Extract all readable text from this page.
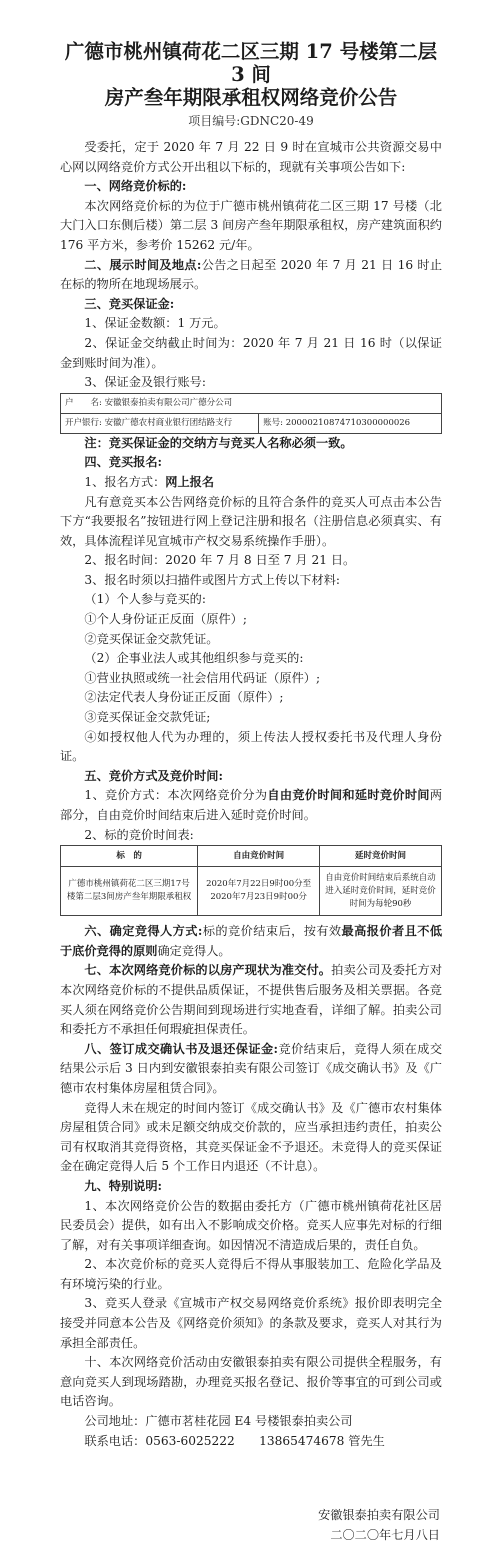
广德市桃州镇荷花二区三期 17 号楼第二层 3 间
房产叁年期限承租权网络竞价公告
项目编号:GDNC20-49

受委托，定于 2020 年 7 月 22 日 9 时在宣城市公共资源交易中心网以网络竞价方式公开出租以下标的，现就有关事项公告如下:

一、网络竞价标的:

本次网络竞价标的为位于广德市桃州镇荷花二区三期 17 号楼（北大门入口东侧后楼）第二层 3 间房产叁年期限承租权，房产建筑面积约 176 平方米，参考价 15262 元/年。

二、展示时间及地点:公告之日起至 2020 年 7 月 21 日 16 时止在标的物所在地现场展示。

三、竞买保证金:

1、保证金数额：1 万元。

2、保证金交纳截止时间为：2020 年 7 月 21 日 16 时（以保证金到账时间为准）。

3、保证金及银行账号:

户　　名: 安徽银泰拍卖有限公司广德分公司
开户银行: 安徽广德农村商业银行团结路支行	账号: 20000210874710300000026

注：竞买保证金的交纳方与竞买人名称必须一致。

四、竞买报名:

1、报名方式：网上报名

凡有意竞买本公告网络竞价标的且符合条件的竞买人可点击本公告下方“我要报名”按钮进行网上登记注册和报名（注册信息必须真实、有效，具体流程详见宣城市产权交易系统操作手册）。

2、报名时间：2020 年 7 月 8 日至 7 月 21 日。

3、报名时须以扫描件或图片方式上传以下材料:

（1）个人参与竞买的:

①个人身份证正反面（原件）;

②竞买保证金交款凭证。

（2）企事业法人或其他组织参与竞买的:

①营业执照或统一社会信用代码证（原件）;

②法定代表人身份证正反面（原件）;

③竞买保证金交款凭证;

④如授权他人代为办理的，须上传法人授权委托书及代理人身份证。

五、竞价方式及竞价时间:

1、竞价方式：本次网络竞价分为自由竞价时间和延时竞价时间两部分，自由竞价时间结束后进入延时竞价时间。

2、标的竞价时间表:

标　的	自由竞价时间	延时竞价时间
广德市桃州镇荷花二区三期17号楼第二层3间房产叁年期限承租权	2020年7月22日9时00分至2020年7月23日9时00分	自由竞价时间结束后系统自动进入延时竞价时间，延时竞价时间为每轮90秒

六、确定竞得人方式:标的竞价结束后，按有效最高报价者且不低于底价竞得的原则确定竞得人。

七、本次网络竞价标的以房产现状为准交付。拍卖公司及委托方对本次网络竞价标的不提供品质保证，不提供售后服务及相关票据。各竞买人须在网络竞价公告期间到现场进行实地查看，详细了解。拍卖公司和委托方不承担任何瑕疵担保责任。

八、签订成交确认书及退还保证金:竞价结束后，竞得人须在成交结果公示后 3 日内到安徽银泰拍卖有限公司签订《成交确认书》及《广德市农村集体房屋租赁合同》。

竞得人未在规定的时间内签订《成交确认书》及《广德市农村集体房屋租赁合同》或未足额交纳成交价款的，应当承担违约责任，拍卖公司有权取消其竞得资格，其竞买保证金不予退还。未竞得人的竞买保证金在确定竞得人后 5 个工作日内退还（不计息）。

九、特别说明:

1、本次网络竞价公告的数据由委托方（广德市桃州镇荷花社区居民委员会）提供，如有出入不影响成交价格。竞买人应事先对标的行细了解，对有关事项详细查询。如因情况不清造成后果的，责任自负。

2、本次竞价标的竞买人竞得后不得从事服装加工、危险化学品及有环境污染的行业。

3、竞买人登录《宣城市产权交易网络竞价系统》报价即表明完全接受并同意本公告及《网络竞价须知》的条款及要求，竞买人对其行为承担全部责任。

十、本次网络竞价活动由安徽银泰拍卖有限公司提供全程服务，有意向竞买人到现场踏勘，办理竞买报名登记、报价等事宜的可到公司或电话咨询。

公司地址：广德市茗桂花园 E4 号楼银泰拍卖公司

联系电话：0563-6025222　　13865474678 管先生

安徽银泰拍卖有限公司
二〇二〇年七月八日
